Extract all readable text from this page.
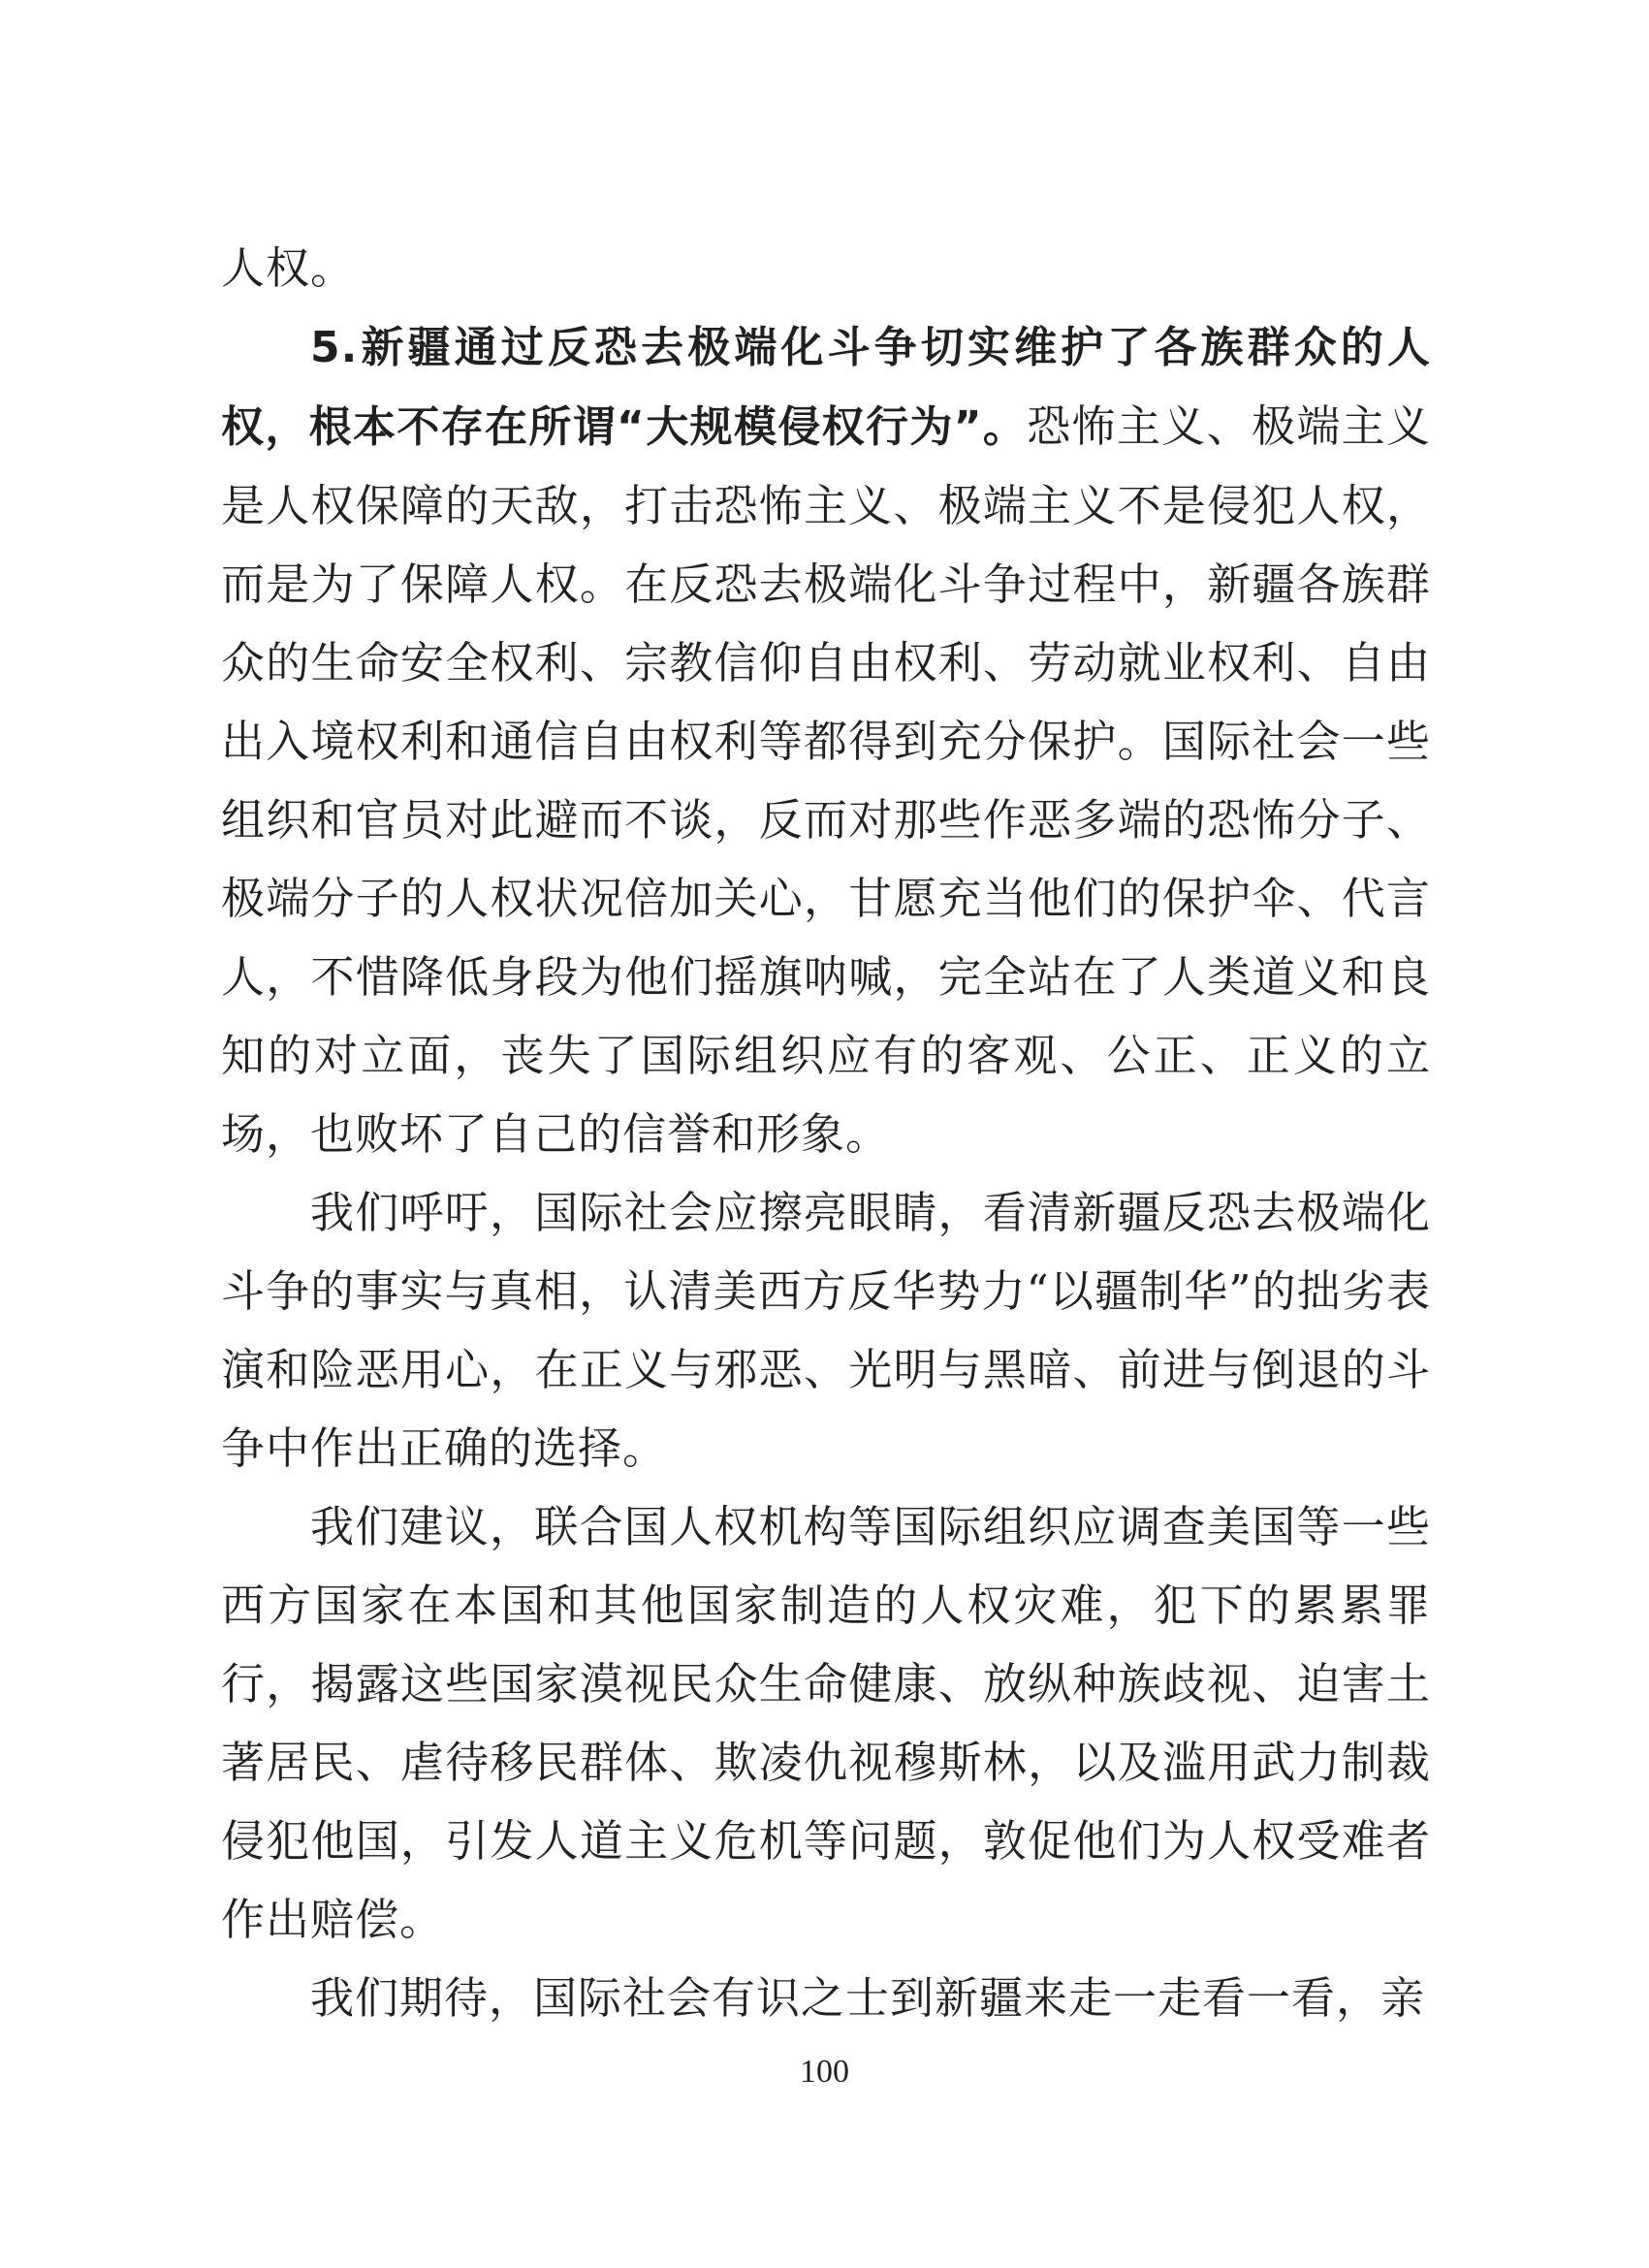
人权。

5.新疆通过反恐去极端化斗争切实维护了各族群众的人权，根本不存在所谓“大规模侵权行为”。恐怖主义、极端主义是人权保障的天敌，打击恐怖主义、极端主义不是侵犯人权，而是为了保障人权。在反恐去极端化斗争过程中，新疆各族群众的生命安全权利、宗教信仰自由权利、劳动就业权利、自由出入境权利和通信自由权利等都得到充分保护。国际社会一些组织和官员对此避而不谈，反而对那些作恶多端的恐怖分子、极端分子的人权状况倍加关心，甘愿充当他们的保护伞、代言人，不惜降低身段为他们摇旗呐喊，完全站在了人类道义和良知的对立面，丧失了国际组织应有的客观、公正、正义的立场，也败坏了自己的信誉和形象。

我们呼吁，国际社会应擦亮眼睛，看清新疆反恐去极端化斗争的事实与真相，认清美西方反华势力“以疆制华”的拙劣表演和险恶用心，在正义与邪恶、光明与黑暗、前进与倒退的斗争中作出正确的选择。

我们建议，联合国人权机构等国际组织应调查美国等一些西方国家在本国和其他国家制造的人权灾难，犯下的累累罪行，揭露这些国家漠视民众生命健康、放纵种族歧视、迫害土著居民、虐待移民群体、欺凌仇视穆斯林，以及滥用武力制裁侵犯他国，引发人道主义危机等问题，敦促他们为人权受难者作出赔偿。

我们期待，国际社会有识之士到新疆来走一走看一看，亲

100
